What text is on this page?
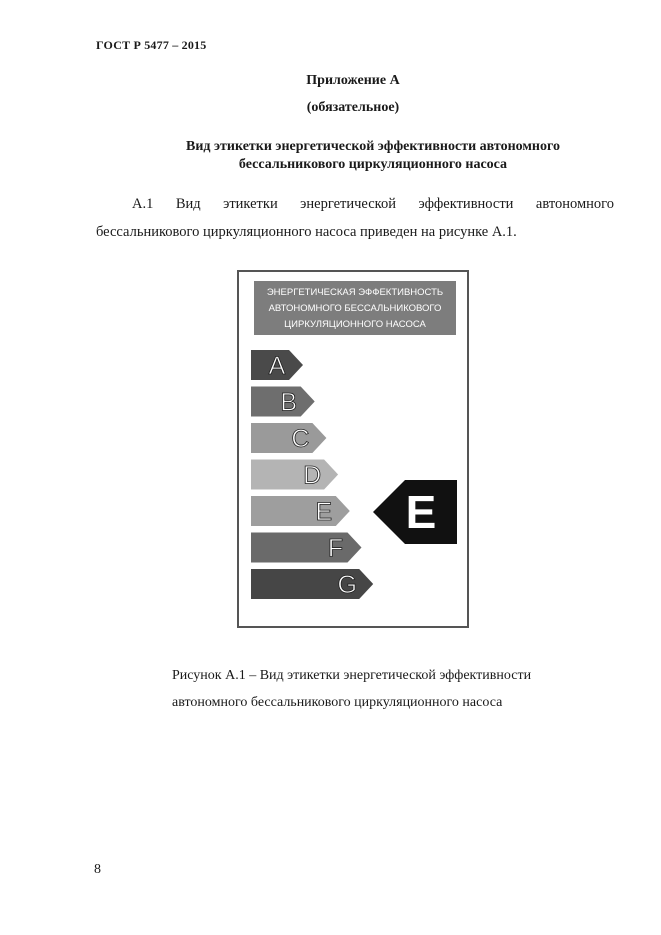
ГОСТ Р 5477 – 2015
Приложение А
(обязательное)
Вид этикетки энергетической эффективности автономного
бессальникового циркуляционного насоса
А.1 Вид этикетки энергетической эффективности автономного бессальникового циркуляционного насоса приведен на рисунке А.1.
ЭНЕРГЕТИЧЕСКАЯ ЭФФЕКТИВНОСТЬ
АВТОНОМНОГО БЕССАЛЬНИКОВОГО
ЦИРКУЛЯЦИОННОГО НАСОСА
A
B
C
D
E
F
G
E
Рисунок А.1 – Вид этикетки энергетической эффективности
автономного бессальникового циркуляционного насоса
8
